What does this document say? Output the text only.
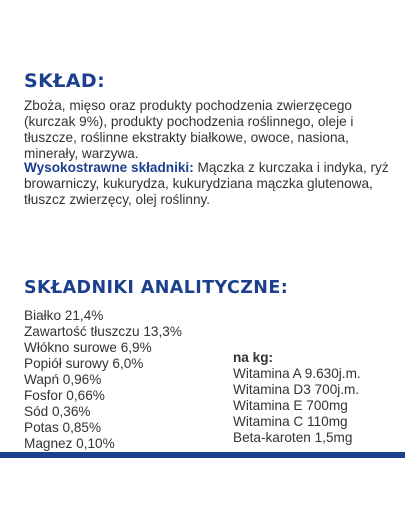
SKŁAD:

Zboża, mięso oraz produkty pochodzenia zwierzęcego (kurczak 9%), produkty pochodzenia roślinnego, oleje i tłuszcze, roślinne ekstrakty białkowe, owoce, nasiona, minerały, warzywa.

Wysokostrawne składniki: Mączka z kurczaka i indyka, ryż browarniczy, kukurydza, kukurydziana mączka glutenowa, tłuszcz zwierzęcy, olej roślinny.

SKŁADNIKI ANALITYCZNE:
Białko 21,4%
Zawartość tłuszczu 13,3%
Włókno surowe 6,9%
Popiół surowy 6,0%
Wapń 0,96%
Fosfor 0,66%
Sód 0,36%
Potas 0,85%
Magnez 0,10%

na kg:

Witamina A 9.630j.m.
Witamina D3 700j.m.
Witamina E 700mg
Witamina C 110mg
Beta-karoten 1,5mg
